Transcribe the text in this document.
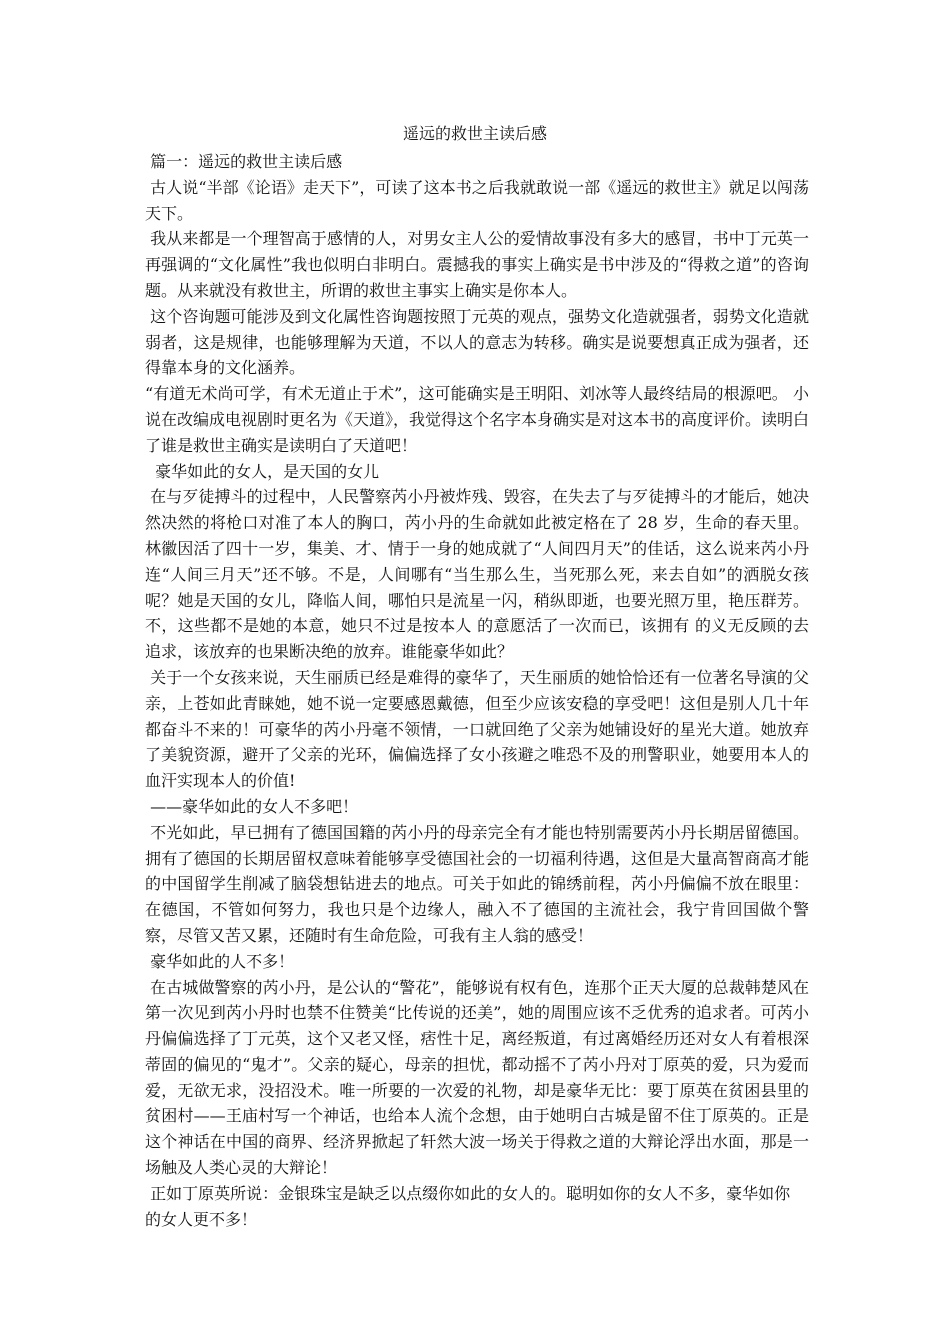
遥远的救世主读后感

篇一：遥远的救世主读后感

古人说“半部《论语》走天下”，可读了这本书之后我就敢说一部《遥远的救世主》就足以闯荡天下。

我从来都是一个理智高于感情的人，对男女主人公的爱情故事没有多大的感冒，书中丁元英一再强调的“文化属性”我也似明白非明白。震撼我的事实上确实是书中涉及的“得救之道”的咨询题。从来就没有救世主，所谓的救世主事实上确实是你本人。

这个咨询题可能涉及到文化属性咨询题按照丁元英的观点，强势文化造就强者，弱势文化造就弱者，这是规律，也能够理解为天道，不以人的意志为转移。确实是说要想真正成为强者，还得靠本身的文化涵养。

“有道无术尚可学，有术无道止于术”，这可能确实是王明阳、刘冰等人最终结局的根源吧。 小说在改编成电视剧时更名为《天道》，我觉得这个名字本身确实是对这本书的高度评价。读明白了谁是救世主确实是读明白了天道吧！

豪华如此的女人，是天国的女儿

在与歹徒搏斗的过程中，人民警察芮小丹被炸残、毁容，在失去了与歹徒搏斗的才能后，她决然决然的将枪口对准了本人的胸口，芮小丹的生命就如此被定格在了 28 岁，生命的春天里。林徽因活了四十一岁，集美、才、情于一身的她成就了“人间四月天”的佳话，这么说来芮小丹连“人间三月天”还不够。不是，人间哪有“当生那么生，当死那么死，来去自如”的洒脱女孩呢？她是天国的女儿，降临人间，哪怕只是流星一闪，稍纵即逝，也要光照万里，艳压群芳。不，这些都不是她的本意，她只不过是按本人 的意愿活了一次而已，该拥有 的义无反顾的去追求，该放弃的也果断决绝的放弃。谁能豪华如此？

关于一个女孩来说，天生丽质已经是难得的豪华了，天生丽质的她恰恰还有一位著名导演的父亲，上苍如此青睐她，她不说一定要感恩戴德，但至少应该安稳的享受吧！这但是别人几十年都奋斗不来的！可豪华的芮小丹毫不领情，一口就回绝了父亲为她铺设好的星光大道。她放弃了美貌资源，避开了父亲的光环，偏偏选择了女小孩避之唯恐不及的刑警职业，她要用本人的血汗实现本人的价值!

——豪华如此的女人不多吧！

不光如此，早已拥有了德国国籍的芮小丹的母亲完全有才能也特别需要芮小丹长期居留德国。拥有了德国的长期居留权意味着能够享受德国社会的一切福利待遇，这但是大量高智商高才能的中国留学生削减了脑袋想钻进去的地点。可关于如此的锦绣前程，芮小丹偏偏不放在眼里：在德国，不管如何努力，我也只是个边缘人，融入不了德国的主流社会，我宁肯回国做个警察，尽管又苦又累，还随时有生命危险，可我有主人翁的感受！

豪华如此的人不多！

在古城做警察的芮小丹，是公认的“警花”，能够说有权有色，连那个正天大厦的总裁韩楚风在第一次见到芮小丹时也禁不住赞美“比传说的还美”，她的周围应该不乏优秀的追求者。可芮小丹偏偏选择了丁元英，这个又老又怪，痞性十足，离经叛道，有过离婚经历还对女人有着根深蒂固的偏见的“鬼才”。父亲的疑心，母亲的担忧，都动摇不了芮小丹对丁原英的爱，只为爱而爱，无欲无求，没招没术。唯一所要的一次爱的礼物，却是豪华无比：要丁原英在贫困县里的贫困村——王庙村写一个神话，也给本人流个念想，由于她明白古城是留不住丁原英的。正是这个神话在中国的商界、经济界掀起了轩然大波一场关于得救之道的大辩论浮出水面，那是一场触及人类心灵的大辩论！

正如丁原英所说：金银珠宝是缺乏以点缀你如此的女人的。聪明如你的女人不多，豪华如你

的女人更不多！
